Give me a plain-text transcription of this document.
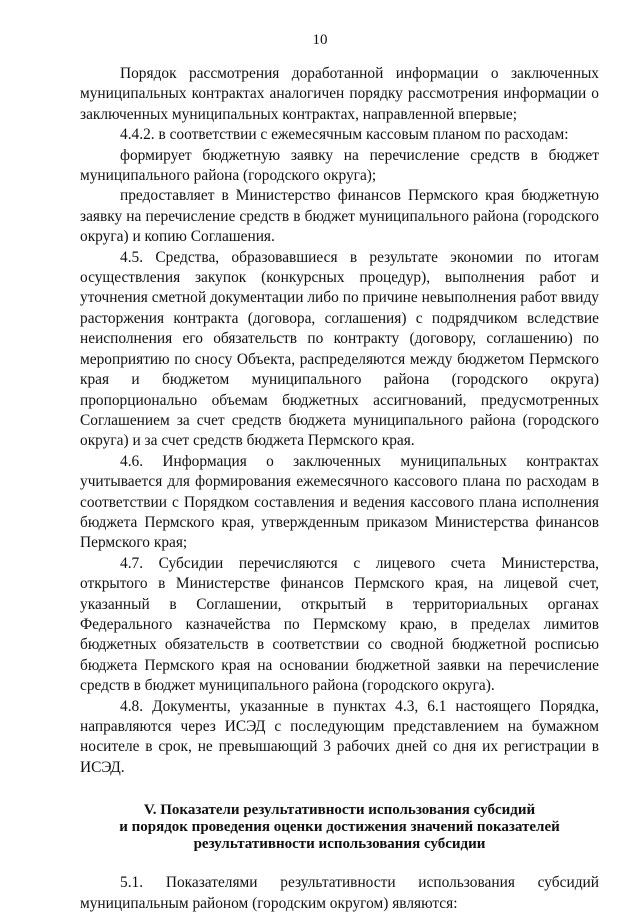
10

Порядок рассмотрения доработанной информации о заключенных муниципальных контрактах аналогичен порядку рассмотрения информации о заключенных муниципальных контрактах, направленной впервые;

4.4.2. в соответствии с ежемесячным кассовым планом по расходам:

формирует бюджетную заявку на перечисление средств в бюджет муниципального района (городского округа);

предоставляет в Министерство финансов Пермского края бюджетную заявку на перечисление средств в бюджет муниципального района (городского округа) и копию Соглашения.

4.5. Средства, образовавшиеся в результате экономии по итогам осуществления закупок (конкурсных процедур), выполнения работ и уточнения сметной документации либо по причине невыполнения работ ввиду расторжения контракта (договора, соглашения) с подрядчиком вследствие неисполнения его обязательств по контракту (договору, соглашению) по мероприятию по сносу Объекта, распределяются между бюджетом Пермского края и бюджетом муниципального района (городского округа) пропорционально объемам бюджетных ассигнований, предусмотренных Соглашением за счет средств бюджета муниципального района (городского округа) и за счет средств бюджета Пермского края.

4.6. Информация о заключенных муниципальных контрактах учитывается для формирования ежемесячного кассового плана по расходам в соответствии с Порядком составления и ведения кассового плана исполнения бюджета Пермского края, утвержденным приказом Министерства финансов Пермского края;

4.7. Субсидии перечисляются с лицевого счета Министерства, открытого в Министерстве финансов Пермского края, на лицевой счет, указанный в Соглашении, открытый в территориальных органах Федерального казначейства по Пермскому краю, в пределах лимитов бюджетных обязательств в соответствии со сводной бюджетной росписью бюджета Пермского края на основании бюджетной заявки на перечисление средств в бюджет муниципального района (городского округа).

4.8. Документы, указанные в пунктах 4.3, 6.1 настоящего Порядка, направляются через ИСЭД с последующим представлением на бумажном носителе в срок, не превышающий 3 рабочих дней со дня их регистрации в ИСЭД.

V. Показатели результативности использования субсидий
и порядок проведения оценки достижения значений показателей
результативности использования субсидии

5.1. Показателями результативности использования субсидий муниципальным районом (городским округом) являются:
